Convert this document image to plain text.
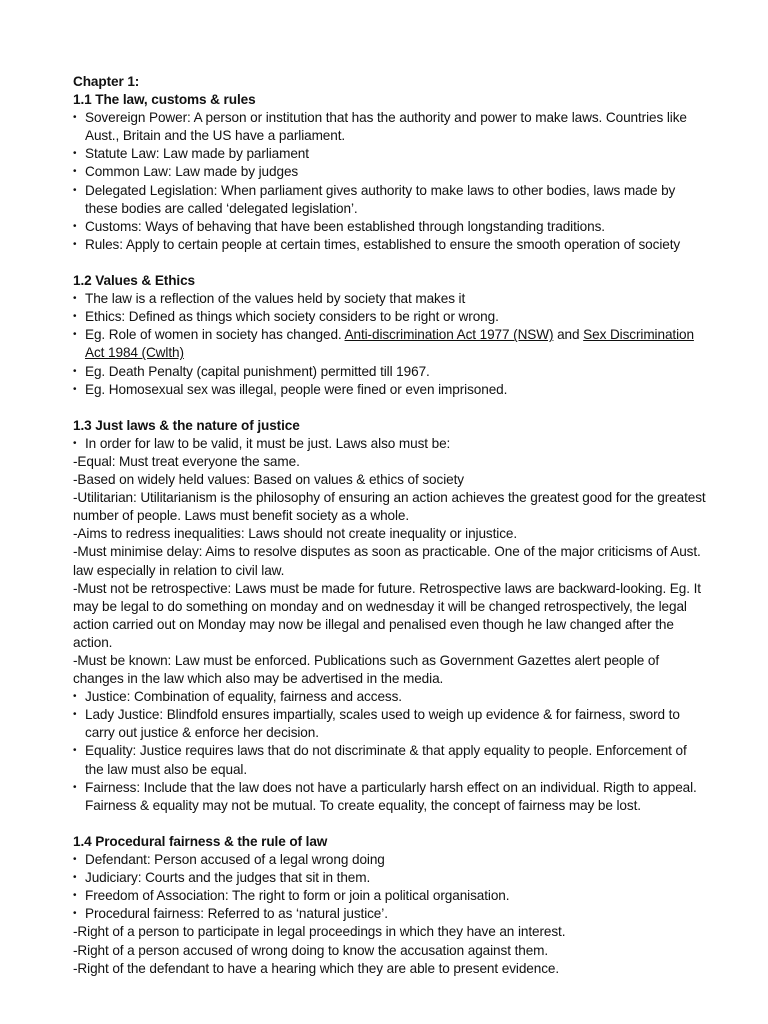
Chapter 1:
1.1 The law, customs & rules
• Sovereign Power: A person or institution that has the authority and power to make laws. Countries like Aust., Britain and the US have a parliament.
• Statute Law: Law made by parliament
• Common Law: Law made by judges
• Delegated Legislation: When parliament gives authority to make laws to other bodies, laws made by these bodies are called ‘delegated legislation’.
• Customs: Ways of behaving that have been established through longstanding traditions.
• Rules: Apply to certain people at certain times, established to ensure the smooth operation of society
1.2 Values & Ethics
• The law is a reflection of the values held by society that makes it
• Ethics: Defined as things which society considers to be right or wrong.
• Eg. Role of women in society has changed. Anti-discrimination Act 1977 (NSW) and Sex Discrimination Act 1984 (Cwlth)
• Eg. Death Penalty (capital punishment) permitted till 1967.
• Eg. Homosexual sex was illegal, people were fined or even imprisoned.
1.3 Just laws & the nature of justice
• In order for law to be valid, it must be just. Laws also must be:
-Equal: Must treat everyone the same.
-Based on widely held values: Based on values & ethics of society
-Utilitarian: Utilitarianism is the philosophy of ensuring an action achieves the greatest good for the greatest number of people. Laws must benefit society as a whole.
-Aims to redress inequalities: Laws should not create inequality or injustice.
-Must minimise delay: Aims to resolve disputes as soon as practicable. One of the major criticisms of Aust. law especially in relation to civil law.
-Must not be retrospective: Laws must be made for future. Retrospective laws are backward-looking. Eg. It may be legal to do something on monday and on wednesday it will be changed retrospectively, the legal action carried out on Monday may now be illegal and penalised even though he law changed after the action.
-Must be known: Law must be enforced. Publications such as Government Gazettes alert people of changes in the law which also may be advertised in the media.
• Justice: Combination of equality, fairness and access.
• Lady Justice: Blindfold ensures impartially, scales used to weigh up evidence & for fairness, sword to carry out justice & enforce her decision.
• Equality: Justice requires laws that do not discriminate & that apply equality to people. Enforcement of the law must also be equal.
• Fairness: Include that the law does not have a particularly harsh effect on an individual. Rigth to appeal. Fairness & equality may not be mutual. To create equality, the concept of fairness may be lost.
1.4 Procedural fairness & the rule of law
• Defendant: Person accused of a legal wrong doing
• Judiciary: Courts and the judges that sit in them.
• Freedom of Association: The right to form or join a political organisation.
• Procedural fairness: Referred to as ‘natural justice’.
-Right of a person to participate in legal proceedings in which they have an interest.
-Right of a person accused of wrong doing to know the accusation against them.
-Right of the defendant to have a hearing which they are able to present evidence.
